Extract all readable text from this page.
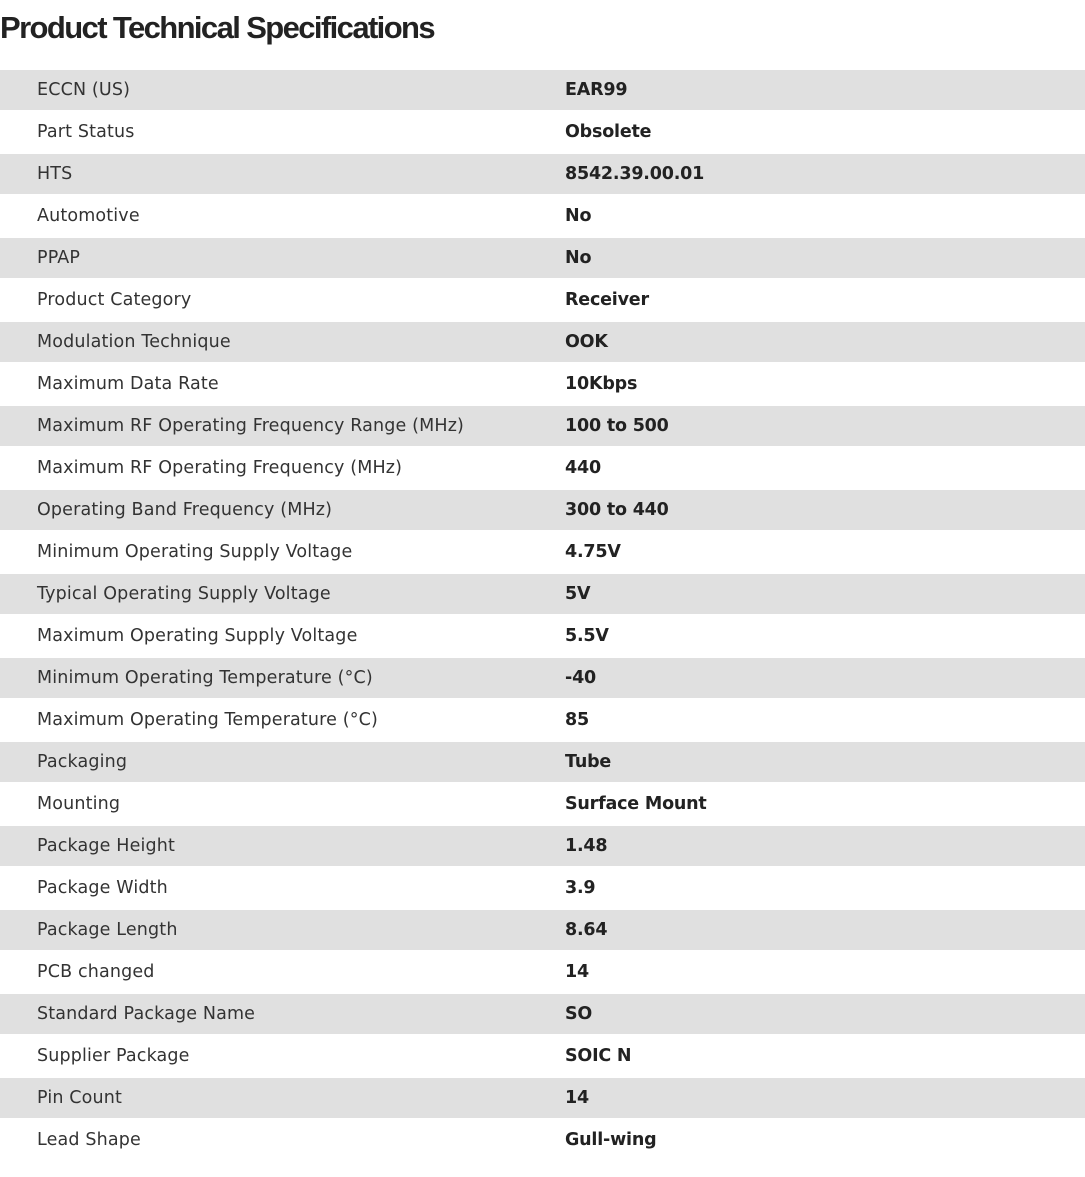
Product Technical Specifications
ECCN (US)	EAR99
Part Status	Obsolete
HTS	8542.39.00.01
Automotive	No
PPAP	No
Product Category	Receiver
Modulation Technique	OOK
Maximum Data Rate	10Kbps
Maximum RF Operating Frequency Range (MHz)	100 to 500
Maximum RF Operating Frequency (MHz)	440
Operating Band Frequency (MHz)	300 to 440
Minimum Operating Supply Voltage	4.75V
Typical Operating Supply Voltage	5V
Maximum Operating Supply Voltage	5.5V
Minimum Operating Temperature (°C)	-40
Maximum Operating Temperature (°C)	85
Packaging	Tube
Mounting	Surface Mount
Package Height	1.48
Package Width	3.9
Package Length	8.64
PCB changed	14
Standard Package Name	SO
Supplier Package	SOIC N
Pin Count	14
Lead Shape	Gull-wing
